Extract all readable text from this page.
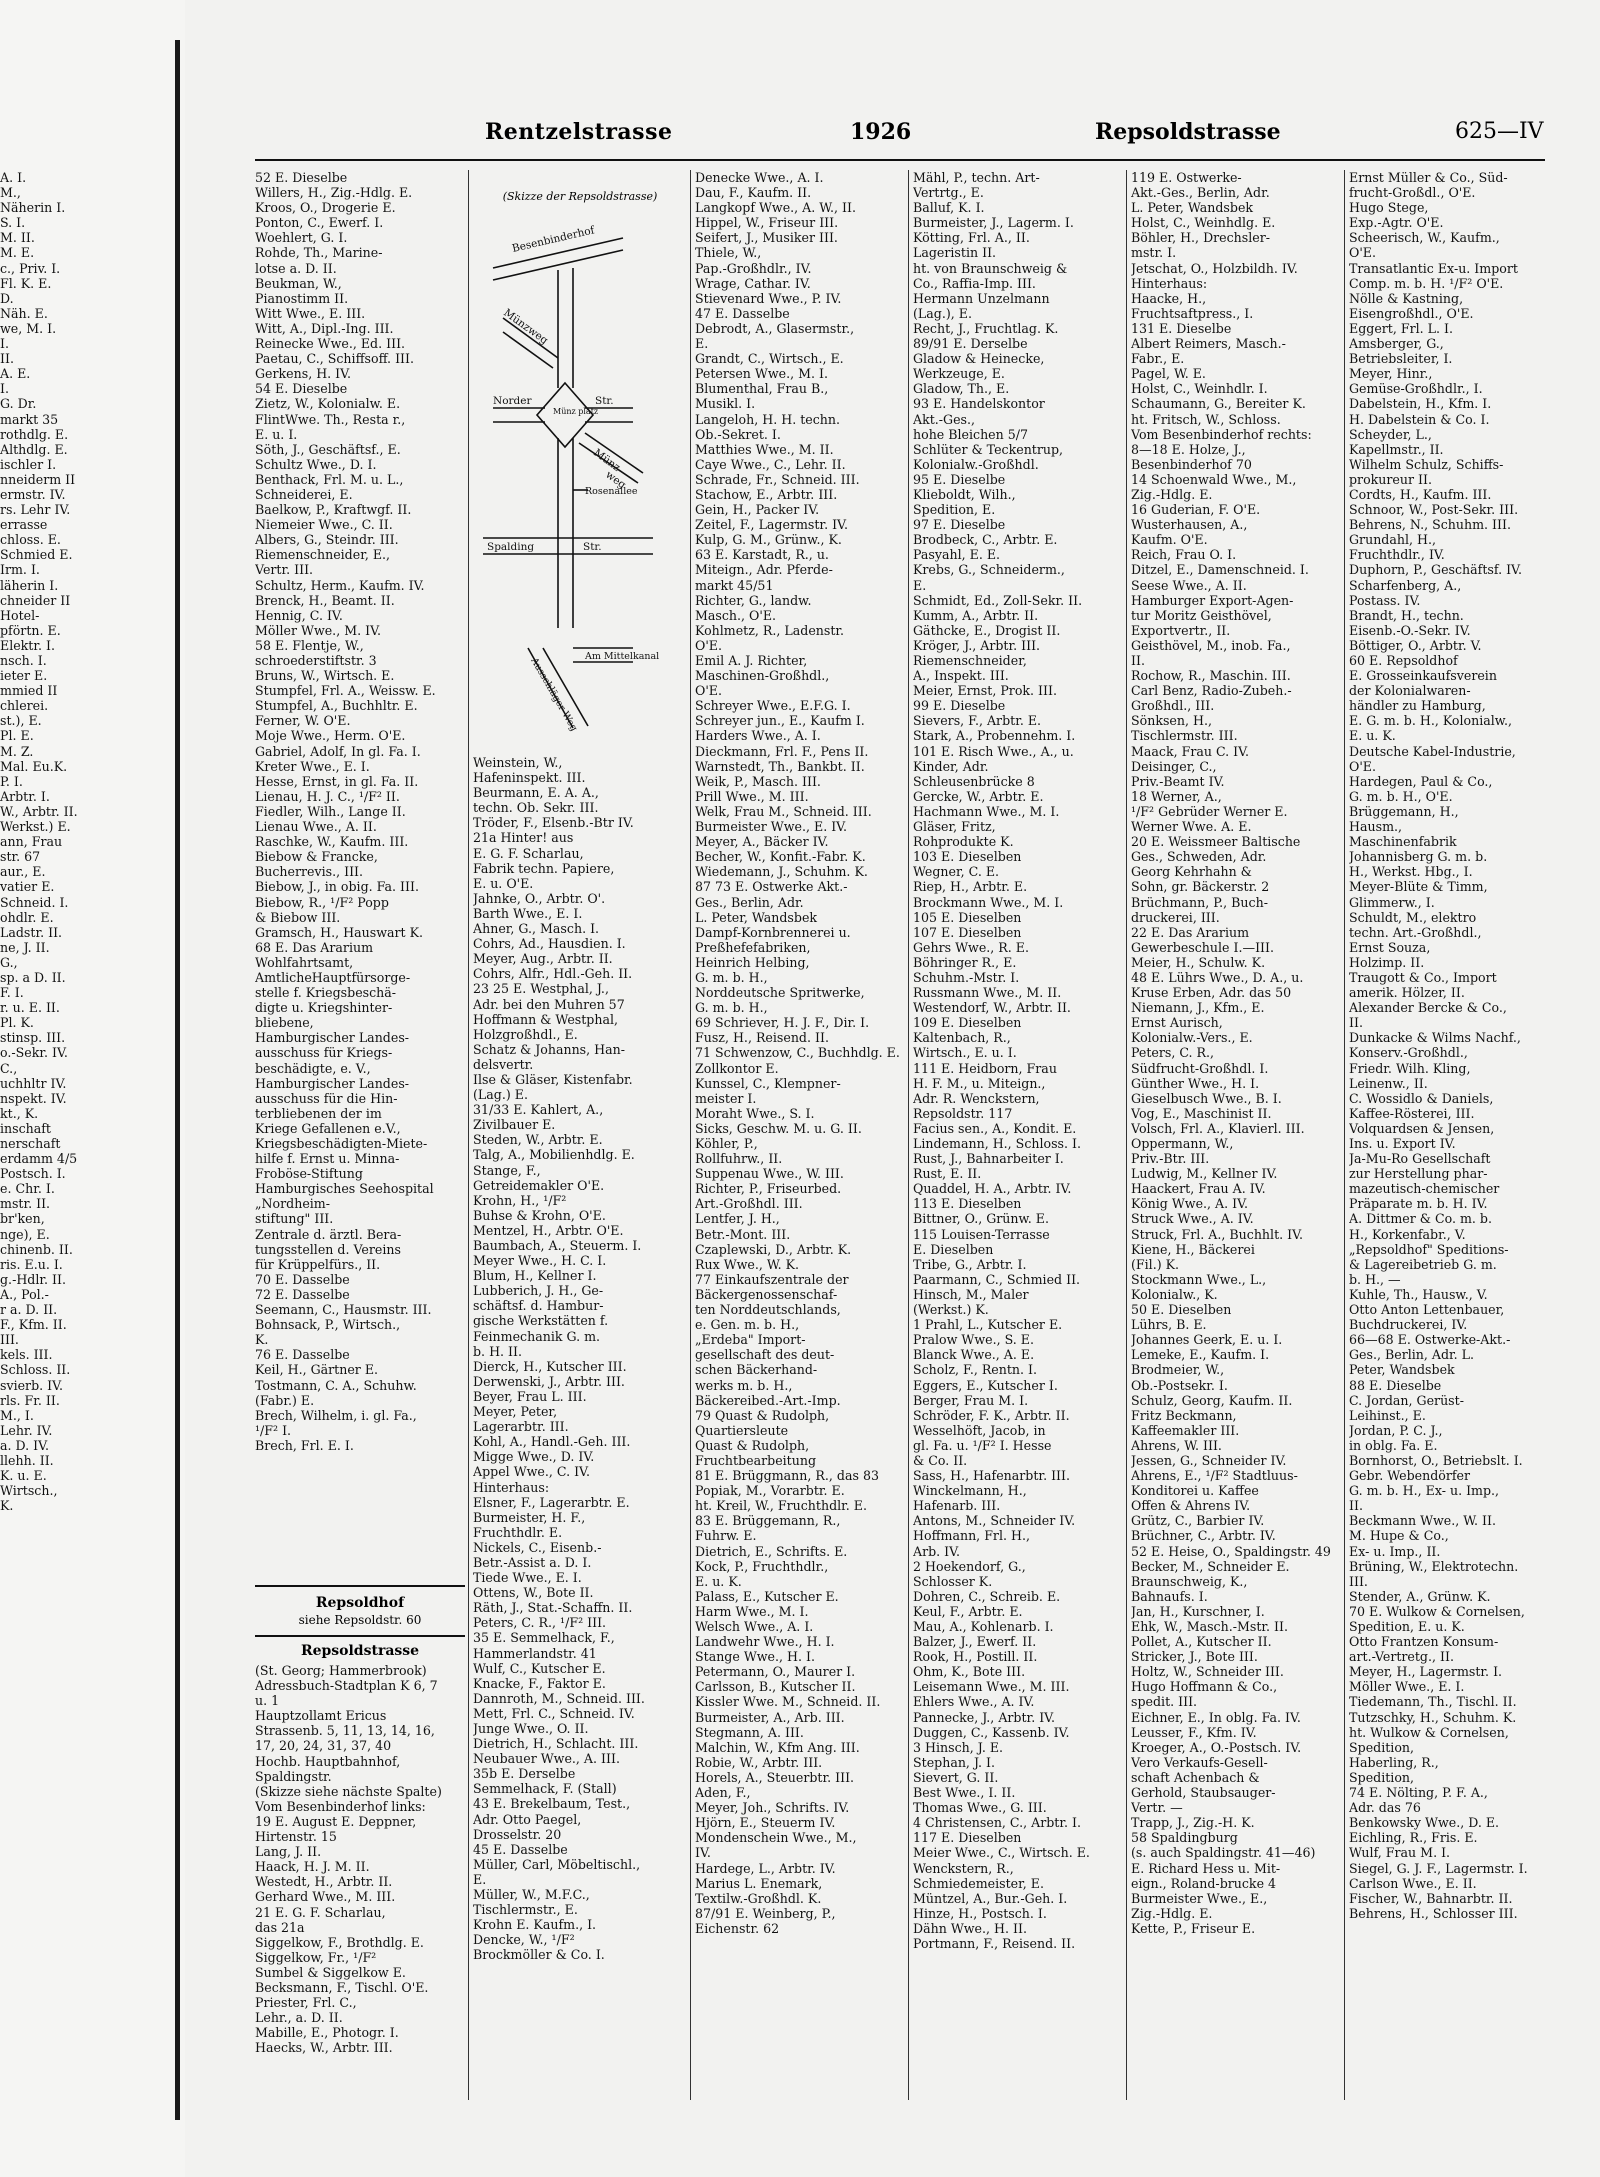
A. I.
M.,
Näherin I.
S. I.
M. II.
M. E.
c., Priv. I.
Fl. K. E.
D.
Näh. E.
we, M. I.
I.
II.
A. E.
I.
G. Dr.
markt 35
rothdlg. E.
Althdlg. E.
ischler I.
nneiderm II
ermstr. IV.
rs. Lehr IV.
errasse
chloss. E.
Schmied E.
Irm. I.
läherin I.
chneider II
Hotel-
pförtn. E.
Elektr. I.
nsch. I.
ieter E.
mmied II
chlerei.
st.), E.
Pl. E.
M. Z.
Mal. Eu.K.
P. I.
Arbtr. I.
W., Arbtr. II.
Werkst.) E.
ann, Frau
str. 67
aur., E.
vatier E.
Schneid. I.
ohdlr. E.
Ladstr. II.
ne, J. II.
G.,
sp. a D. II.
F. I.
r. u. E. II.
Pl. K.
stinsp. III.
o.-Sekr. IV.
C.,
uchhltr IV.
nspekt. IV.
kt., K.
inschaft
nerschaft
erdamm 4/5
Postsch. I.
e. Chr. I.
mstr. II.
br'ken,
nge), E.
chinenb. II.
ris. E.u. I.
g.-Hdlr. II.
A., Pol.-
r a. D. II.
F., Kfm. II.
III.
kels. III.
Schloss. II.
svierb. IV.
rls. Fr. II.
M., I.
Lehr. IV.
a. D. IV.
llehh. II.
K. u. E.
Wirtsch.,
K.
Rentzelstrasse	1926	Repsoldstrasse	625—IV
52 E. Dieselbe
Willers, H., Zig.-Hdlg. E.
Kroos, O., Drogerie E.
Ponton, C., Ewerf. I.
Woehlert, G. I.
Rohde, Th., Marine-
lotse a. D. II.
Beukman, W.,
Pianostimm II.
Witt Wwe., E. III.
Witt, A., Dipl.-Ing. III.
Reinecke Wwe., Ed. III.
Paetau, C., Schiffsoff. III.
Gerkens, H. IV.
54 E. Dieselbe
Zietz, W., Kolonialw. E.
FlintWwe. Th., Resta r.,
E. u. I.
Söth, J., Geschäftsf., E.
Schultz Wwe., D. I.
Benthack, Frl. M. u. L.,
Schneiderei, E.
Baelkow, P., Kraftwgf. II.
Niemeier Wwe., C. II.
Albers, G., Steindr. III.
Riemenschneider, E.,
Vertr. III.
Schultz, Herm., Kaufm. IV.
Brenck, H., Beamt. II.
Hennig, C. IV.
Möller Wwe., M. IV.
58 E. Flentje, W.,
schroederstiftstr. 3
Bruns, W., Wirtsch. E.
Stumpfel, Frl. A., Weissw. E.
Stumpfel, A., Buchhltr. E.
Ferner, W. O'E.
Moje Wwe., Herm. O'E.
Gabriel, Adolf, In gl. Fa. I.
Kreter Wwe., E. I.
Hesse, Ernst, in gl. Fa. II.
Lienau, H. J. C., ¹/F² II.
Fiedler, Wilh., Lange II.
Lienau Wwe., A. II.
Raschke, W., Kaufm. III.
Biebow & Francke,
Bucherrevis., III.
Biebow, J., in obig. Fa. III.
Biebow, R., ¹/F² Popp
& Biebow III.
Gramsch, H., Hauswart K.
68 E. Das Ararium
Wohlfahrtsamt,
AmtlicheHauptfürsorge-
stelle f. Kriegsbeschä-
digte u. Kriegshinter-
bliebene,
Hamburgischer Landes-
ausschuss für Kriegs-
beschädigte, e. V.,
Hamburgischer Landes-
ausschuss für die Hin-
terbliebenen der im
Kriege Gefallenen e.V.,
Kriegsbeschädigten-Miete-
hilfe f. Ernst u. Minna-
Froböse-Stiftung
Hamburgisches Seehospital
„Nordheim-
stiftung" III.
Zentrale d. ärztl. Bera-
tungsstellen d. Vereins
für Krüppelfürs., II.
70 E. Dasselbe
72 E. Dasselbe
Seemann, C., Hausmstr. III.
Bohnsack, P., Wirtsch.,
K.
76 E. Dasselbe
Keil, H., Gärtner E.
Tostmann, C. A., Schuhw.
(Fabr.) E.
Brech, Wilhelm, i. gl. Fa.,
¹/F² I.
Brech, Frl. E. I.
(Skizze der Repsoldstrasse)
Besenbinderhof
Münzweg
Norder	Str.
Münz platz
Münz
weg
Rosenallee
Spalding	Str.
Am Mittelkanal
Ausschläger Weg
Weinstein, W.,
Hafeninspekt. III.
Beurmann, E. A. A.,
techn. Ob. Sekr. III.
Tröder, F., Elsenb.-Btr IV.
21a Hinter! aus
E. G. F. Scharlau,
Fabrik techn. Papiere,
E. u. O'E.
Jahnke, O., Arbtr. O'.
Barth Wwe., E. I.
Ahner, G., Masch. I.
Cohrs, Ad., Hausdien. I.
Meyer, Aug., Arbtr. II.
Cohrs, Alfr., Hdl.-Geh. II.
23 25 E. Westphal, J.,
Adr. bei den Muhren 57
Hoffmann & Westphal,
Holzgroßhdl., E.
Schatz & Johanns, Han-
delsvertr.
Ilse & Gläser, Kistenfabr.
(Lag.) E.
31/33 E. Kahlert, A.,
Zivilbauer E.
Steden, W., Arbtr. E.
Talg, A., Mobilienhdlg. E.
Stange, F.,
Getreidemakler O'E.
Krohn, H., ¹/F²
Buhse & Krohn, O'E.
Mentzel, H., Arbtr. O'E.
Baumbach, A., Steuerm. I.
Meyer Wwe., H. C. I.
Blum, H., Kellner I.
Lubberich, J. H., Ge-
schäftsf. d. Hambur-
gische Werkstätten f.
Feinmechanik G. m.
b. H. II.
Dierck, H., Kutscher III.
Derwenski, J., Arbtr. III.
Beyer, Frau L. III.
Meyer, Peter,
Lagerarbtr. III.
Kohl, A., Handl.-Geh. III.
Migge Wwe., D. IV.
Appel Wwe., C. IV.
Hinterhaus:
Elsner, F., Lagerarbtr. E.
Burmeister, H. F.,
Fruchthdlr. E.
Nickels, C., Eisenb.-
Betr.-Assist a. D. I.
Tiede Wwe., E. I.
Ottens, W., Bote II.
Räth, J., Stat.-Schaffn. II.
Peters, C. R., ¹/F² III.
35 E. Semmelhack, F.,
Hammerlandstr. 41
Wulf, C., Kutscher E.
Knacke, F., Faktor E.
Dannroth, M., Schneid. III.
Mett, Frl. C., Schneid. IV.
Junge Wwe., O. II.
Dietrich, H., Schlacht. III.
Neubauer Wwe., A. III.
35b E. Derselbe
Semmelhack, F. (Stall)
43 E. Brekelbaum, Test.,
Adr. Otto Paegel,
Drosselstr. 20
45 E. Dasselbe
Müller, Carl, Möbeltischl.,
E.
Müller, W., M.F.C.,
Tischlermstr., E.
Krohn E. Kaufm., I.
Dencke, W., ¹/F²
Brockmöller & Co. I.
Denecke Wwe., A. I.
Dau, F., Kaufm. II.
Langkopf Wwe., A. W., II.
Hippel, W., Friseur III.
Seifert, J., Musiker III.
Thiele, W.,
Pap.-Großhdlr., IV.
Wrage, Cathar. IV.
Stievenard Wwe., P. IV.
47 E. Dasselbe
Debrodt, A., Glasermstr.,
E.
Grandt, C., Wirtsch., E.
Petersen Wwe., M. I.
Blumenthal, Frau B.,
Musikl. I.
Langeloh, H. H. techn.
Ob.-Sekret. I.
Matthies Wwe., M. II.
Caye Wwe., C., Lehr. II.
Schrade, Fr., Schneid. III.
Stachow, E., Arbtr. III.
Gein, H., Packer IV.
Zeitel, F., Lagermstr. IV.
Kulp, G. M., Grünw., K.
63 E. Karstadt, R., u.
Miteign., Adr. Pferde-
markt 45/51
Richter, G., landw.
Masch., O'E.
Kohlmetz, R., Ladenstr.
O'E.
Emil A. J. Richter,
Maschinen-Großhdl.,
O'E.
Schreyer Wwe., E.F.G. I.
Schreyer jun., E., Kaufm I.
Harders Wwe., A. I.
Dieckmann, Frl. F., Pens II.
Warnstedt, Th., Bankbt. II.
Weik, P., Masch. III.
Prill Wwe., M. III.
Welk, Frau M., Schneid. III.
Burmeister Wwe., E. IV.
Meyer, A., Bäcker IV.
Becher, W., Konfit.-Fabr. K.
Wiedemann, J., Schuhm. K.
87 73 E. Ostwerke Akt.-
Ges., Berlin, Adr.
L. Peter, Wandsbek
Dampf-Kornbrennerei u.
Preßhefefabriken,
Heinrich Helbing,
G. m. b. H.,
Norddeutsche Spritwerke,
G. m. b. H.,
69 Schriever, H. J. F., Dir. I.
Fusz, H., Reisend. II.
71 Schwenzow, C., Buchhdlg. E.
Zollkontor E.
Kunssel, C., Klempner-
meister I.
Moraht Wwe., S. I.
Sicks, Geschw. M. u. G. II.
Köhler, P.,
Rollfuhrw., II.
Suppenau Wwe., W. III.
Richter, P., Friseurbed.
Art.-Großhdl. III.
Lentfer, J. H.,
Betr.-Mont. III.
Czaplewski, D., Arbtr. K.
Rux Wwe., W. K.
77 Einkaufszentrale der
Bäckergenossenschaf-
ten Norddeutschlands,
e. Gen. m. b. H.,
„Erdeba" Import-
gesellschaft des deut-
schen Bäckerhand-
werks m. b. H.,
Bäckereibed.-Art.-Imp.
79 Quast & Rudolph,
Quartiersleute
Quast & Rudolph,
Fruchtbearbeitung
81 E. Brüggmann, R., das 83
Popiak, M., Vorarbtr. E.
ht. Kreil, W., Fruchthdlr. E.
83 E. Brüggemann, R.,
Fuhrw. E.
Dietrich, E., Schrifts. E.
Kock, P., Fruchthdlr.,
E. u. K.
Palass, E., Kutscher E.
Harm Wwe., M. I.
Welsch Wwe., A. I.
Landwehr Wwe., H. I.
Stange Wwe., H. I.
Petermann, O., Maurer I.
Carlsson, B., Kutscher II.
Kissler Wwe. M., Schneid. II.
Burmeister, A., Arb. III.
Stegmann, A. III.
Malchin, W., Kfm Ang. III.
Robie, W., Arbtr. III.
Horels, A., Steuerbtr. III.
Aden, F.,
Meyer, Joh., Schrifts. IV.
Hjörn, E., Steuerm IV.
Mondenschein Wwe., M.,
IV.
Hardege, L., Arbtr. IV.
Marius L. Enemark,
Textilw.-Großhdl. K.
87/91 E. Weinberg, P.,
Eichenstr. 62
Mähl, P., techn. Art-
Vertrtg., E.
Balluf, K. I.
Burmeister, J., Lagerm. I.
Kötting, Frl. A., II.
Lageristin II.
ht. von Braunschweig &
Co., Raffia-Imp. III.
Hermann Unzelmann
(Lag.), E.
Recht, J., Fruchtlag. K.
89/91 E. Derselbe
Gladow & Heinecke,
Werkzeuge, E.
Gladow, Th., E.
93 E. Handelskontor
Akt.-Ges.,
hohe Bleichen 5/7
Schlüter & Teckentrup,
Kolonialw.-Großhdl.
95 E. Dieselbe
Klieboldt, Wilh.,
Spedition, E.
97 E. Dieselbe
Brodbeck, C., Arbtr. E.
Pasyahl, E. E.
Krebs, G., Schneiderm.,
E.
Schmidt, Ed., Zoll-Sekr. II.
Kumm, A., Arbtr. II.
Gäthcke, E., Drogist II.
Kröger, J., Arbtr. III.
Riemenschneider,
A., Inspekt. III.
Meier, Ernst, Prok. III.
99 E. Dieselbe
Sievers, F., Arbtr. E.
Stark, A., Probennehm. I.
101 E. Risch Wwe., A., u.
Kinder, Adr.
Schleusenbrücke 8
Gercke, W., Arbtr. E.
Hachmann Wwe., M. I.
Gläser, Fritz,
Rohprodukte K.
103 E. Dieselben
Wegner, C. E.
Riep, H., Arbtr. E.
Brockmann Wwe., M. I.
105 E. Dieselben
107 E. Dieselben
Gehrs Wwe., R. E.
Böhringer R., E.
Schuhm.-Mstr. I.
Russmann Wwe., M. II.
Westendorf, W., Arbtr. II.
109 E. Dieselben
Kaltenbach, R.,
Wirtsch., E. u. I.
111 E. Heidborn, Frau
H. F. M., u. Miteign.,
Adr. R. Wenckstern,
Repsoldstr. 117
Facius sen., A., Kondit. E.
Lindemann, H., Schloss. I.
Rust, J., Bahnarbeiter I.
Rust, E. II.
Quaddel, H. A., Arbtr. IV.
113 E. Dieselben
Bittner, O., Grünw. E.
115 Louisen-Terrasse
E. Dieselben
Tribe, G., Arbtr. I.
Paarmann, C., Schmied II.
Hinsch, M., Maler
(Werkst.) K.
1 Prahl, L., Kutscher E.
Pralow Wwe., S. E.
Blanck Wwe., A. E.
Scholz, F., Rentn. I.
Eggers, E., Kutscher I.
Berger, Frau M. I.
Schröder, F. K., Arbtr. II.
Wesselhöft, Jacob, in
gl. Fa. u. ¹/F² I. Hesse
& Co. II.
Sass, H., Hafenarbtr. III.
Winckelmann, H.,
Hafenarb. III.
Antons, M., Schneider IV.
Hoffmann, Frl. H.,
Arb. IV.
2 Hoekendorf, G.,
Schlosser K.
Dohren, C., Schreib. E.
Keul, F., Arbtr. E.
Mau, A., Kohlenarb. I.
Balzer, J., Ewerf. II.
Rook, H., Postill. II.
Ohm, K., Bote III.
Leisemann Wwe., M. III.
Ehlers Wwe., A. IV.
Pannecke, J., Arbtr. IV.
Duggen, C., Kassenb. IV.
3 Hinsch, J. E.
Stephan, J. I.
Sievert, G. II.
Best Wwe., I. II.
Thomas Wwe., G. III.
4 Christensen, C., Arbtr. I.
117 E. Dieselben
Meier Wwe., C., Wirtsch. E.
Wenckstern, R.,
Schmiedemeister, E.
Müntzel, A., Bur.-Geh. I.
Hinze, H., Postsch. I.
Dähn Wwe., H. II.
Portmann, F., Reisend. II.
119 E. Ostwerke-
Akt.-Ges., Berlin, Adr.
L. Peter, Wandsbek
Holst, C., Weinhdlg. E.
Böhler, H., Drechsler-
mstr. I.
Jetschat, O., Holzbildh. IV.
Hinterhaus:
Haacke, H.,
Fruchtsaftpress., I.
131 E. Dieselbe
Albert Reimers, Masch.-
Fabr., E.
Pagel, W. E.
Holst, C., Weinhdlr. I.
Schaumann, G., Bereiter K.
ht. Fritsch, W., Schloss.
Vom Besenbinderhof rechts:
8—18 E. Holze, J.,
Besenbinderhof 70
14 Schoenwald Wwe., M.,
Zig.-Hdlg. E.
16 Guderian, F. O'E.
Wusterhausen, A.,
Kaufm. O'E.
Reich, Frau O. I.
Ditzel, E., Damenschneid. I.
Seese Wwe., A. II.
Hamburger Export-Agen-
tur Moritz Geisthövel,
Exportvertr., II.
Geisthövel, M., inob. Fa.,
II.
Rochow, R., Maschin. III.
Carl Benz, Radio-Zubeh.-
Großhdl., III.
Sönksen, H.,
Tischlermstr. III.
Maack, Frau C. IV.
Deisinger, C.,
Priv.-Beamt IV.
18 Werner, A.,
¹/F² Gebrüder Werner E.
Werner Wwe. A. E.
20 E. Weissmeer Baltische
Ges., Schweden, Adr.
Georg Kehrhahn &
Sohn, gr. Bäckerstr. 2
Brüchmann, P., Buch-
druckerei, III.
22 E. Das Ararium
Gewerbeschule I.—III.
Meier, H., Schulw. K.
48 E. Lührs Wwe., D. A., u.
Kruse Erben, Adr. das 50
Niemann, J., Kfm., E.
Ernst Aurisch,
Kolonialw.-Vers., E.
Peters, C. R.,
Südfrucht-Großhdl. I.
Günther Wwe., H. I.
Gieselbusch Wwe., B. I.
Vog, E., Maschinist II.
Volsch, Frl. A., Klavierl. III.
Oppermann, W.,
Priv.-Btr. III.
Ludwig, M., Kellner IV.
Haackert, Frau A. IV.
König Wwe., A. IV.
Struck Wwe., A. IV.
Struck, Frl. A., Buchhlt. IV.
Kiene, H., Bäckerei
(Fil.) K.
Stockmann Wwe., L.,
Kolonialw., K.
50 E. Dieselben
Lührs, B. E.
Johannes Geerk, E. u. I.
Lemeke, E., Kaufm. I.
Brodmeier, W.,
Ob.-Postsekr. I.
Schulz, Georg, Kaufm. II.
Fritz Beckmann,
Kaffeemakler III.
Ahrens, W. III.
Jessen, G., Schneider IV.
Ahrens, E., ¹/F² Stadtluus-
Konditorei u. Kaffee
Offen & Ahrens IV.
Grütz, C., Barbier IV.
Brüchner, C., Arbtr. IV.
52 E. Heise, O., Spaldingstr. 49
Becker, M., Schneider E.
Braunschweig, K.,
Bahnaufs. I.
Jan, H., Kurschner, I.
Ehk, W., Masch.-Mstr. II.
Pollet, A., Kutscher II.
Stricker, J., Bote III.
Holtz, W., Schneider III.
Hugo Hoffmann & Co.,
spedit. III.
Eichner, E., In oblg. Fa. IV.
Leusser, F., Kfm. IV.
Kroeger, A., O.-Postsch. IV.
Vero Verkaufs-Gesell-
schaft Achenbach &
Gerhold, Staubsauger-
Vertr. —
Trapp, J., Zig.-H. K.
58 Spaldingburg
(s. auch Spaldingstr. 41—46)
E. Richard Hess u. Mit-
eign., Roland-brucke 4
Burmeister Wwe., E.,
Zig.-Hdlg. E.
Kette, P., Friseur E.
Ernst Müller & Co., Süd-
frucht-Großdl., O'E.
Hugo Stege,
Exp.-Agtr. O'E.
Scheerisch, W., Kaufm.,
O'E.
Transatlantic Ex-u. Import
Comp. m. b. H. ¹/F² O'E.
Nölle & Kastning,
Eisengroßhdl., O'E.
Eggert, Frl. L. I.
Amsberger, G.,
Betriebsleiter, I.
Meyer, Hinr.,
Gemüse-Großhdlr., I.
Dabelstein, H., Kfm. I.
H. Dabelstein & Co. I.
Scheyder, L.,
Kapellmstr., II.
Wilhelm Schulz, Schiffs-
prokureur II.
Cordts, H., Kaufm. III.
Schnoor, W., Post-Sekr. III.
Behrens, N., Schuhm. III.
Grundahl, H.,
Fruchthdlr., IV.
Duphorn, P., Geschäftsf. IV.
Scharfenberg, A.,
Postass. IV.
Brandt, H., techn.
Eisenb.-O.-Sekr. IV.
Böttiger, O., Arbtr. V.
60 E. Repsoldhof
E. Grosseinkaufsverein
der Kolonialwaren-
händler zu Hamburg,
E. G. m. b. H., Kolonialw.,
E. u. K.
Deutsche Kabel-Industrie,
O'E.
Hardegen, Paul & Co.,
G. m. b. H., O'E.
Brüggemann, H.,
Hausm.,
Maschinenfabrik
Johannisberg G. m. b.
H., Werkst. Hbg., I.
Meyer-Blüte & Timm,
Glimmerw., I.
Schuldt, M., elektro
techn. Art.-Großhdl.,
Ernst Souza,
Holzimp. II.
Traugott & Co., Import
amerik. Hölzer, II.
Alexander Bercke & Co.,
II.
Dunkacke & Wilms Nachf.,
Konserv.-Großhdl.,
Friedr. Wilh. Kling,
Leinenw., II.
C. Wossidlo & Daniels,
Kaffee-Rösterei, III.
Volquardsen & Jensen,
Ins. u. Export IV.
Ja-Mu-Ro Gesellschaft
zur Herstellung phar-
mazeutisch-chemischer
Präparate m. b. H. IV.
A. Dittmer & Co. m. b.
H., Korkenfabr., V.
„Repsoldhof" Speditions-
& Lagereibetrieb G. m.
b. H., —
Kuhle, Th., Hausw., V.
Otto Anton Lettenbauer,
Buchdruckerei, IV.
66—68 E. Ostwerke-Akt.-
Ges., Berlin, Adr. L.
Peter, Wandsbek
88 E. Dieselbe
C. Jordan, Gerüst-
Leihinst., E.
Jordan, P. C. J.,
in oblg. Fa. E.
Bornhorst, O., Betriebslt. I.
Gebr. Webendörfer
G. m. b. H., Ex- u. Imp.,
II.
Beckmann Wwe., W. II.
M. Hupe & Co.,
Ex- u. Imp., II.
Brüning, W., Elektrotechn.
III.
Stender, A., Grünw. K.
70 E. Wulkow & Cornelsen,
Spedition, E. u. K.
Otto Frantzen Konsum-
art.-Vertretg., II.
Meyer, H., Lagermstr. I.
Möller Wwe., E. I.
Tiedemann, Th., Tischl. II.
Tutzschky, H., Schuhm. K.
ht. Wulkow & Cornelsen,
Spedition,
Haberling, R.,
Spedition,
74 E. Nölting, P. F. A.,
Adr. das 76
Benkowsky Wwe., D. E.
Eichling, R., Fris. E.
Wulf, Frau M. I.
Siegel, G. J. F., Lagermstr. I.
Carlson Wwe., E. II.
Fischer, W., Bahnarbtr. II.
Behrens, H., Schlosser III.
Repsoldhof
siehe Repsoldstr. 60
Repsoldstrasse
(St. Georg; Hammerbrook)
Adressbuch-Stadtplan K 6, 7
u. 1
Hauptzollamt Ericus
Strassenb. 5, 11, 13, 14, 16,
17, 20, 24, 31, 37, 40
Hochb. Hauptbahnhof,
Spaldingstr.
(Skizze siehe nächste Spalte)
Vom Besenbinderhof links:
19 E. August E. Deppner,
Hirtenstr. 15
Lang, J. II.
Haack, H. J. M. II.
Westedt, H., Arbtr. II.
Gerhard Wwe., M. III.
21 E. G. F. Scharlau,
das 21a
Siggelkow, F., Brothdlg. E.
Siggelkow, Fr., ¹/F²
Sumbel & Siggelkow E.
Becksmann, F., Tischl. O'E.
Priester, Frl. C.,
Lehr., a. D. II.
Mabille, E., Photogr. I.
Haecks, W., Arbtr. III.
